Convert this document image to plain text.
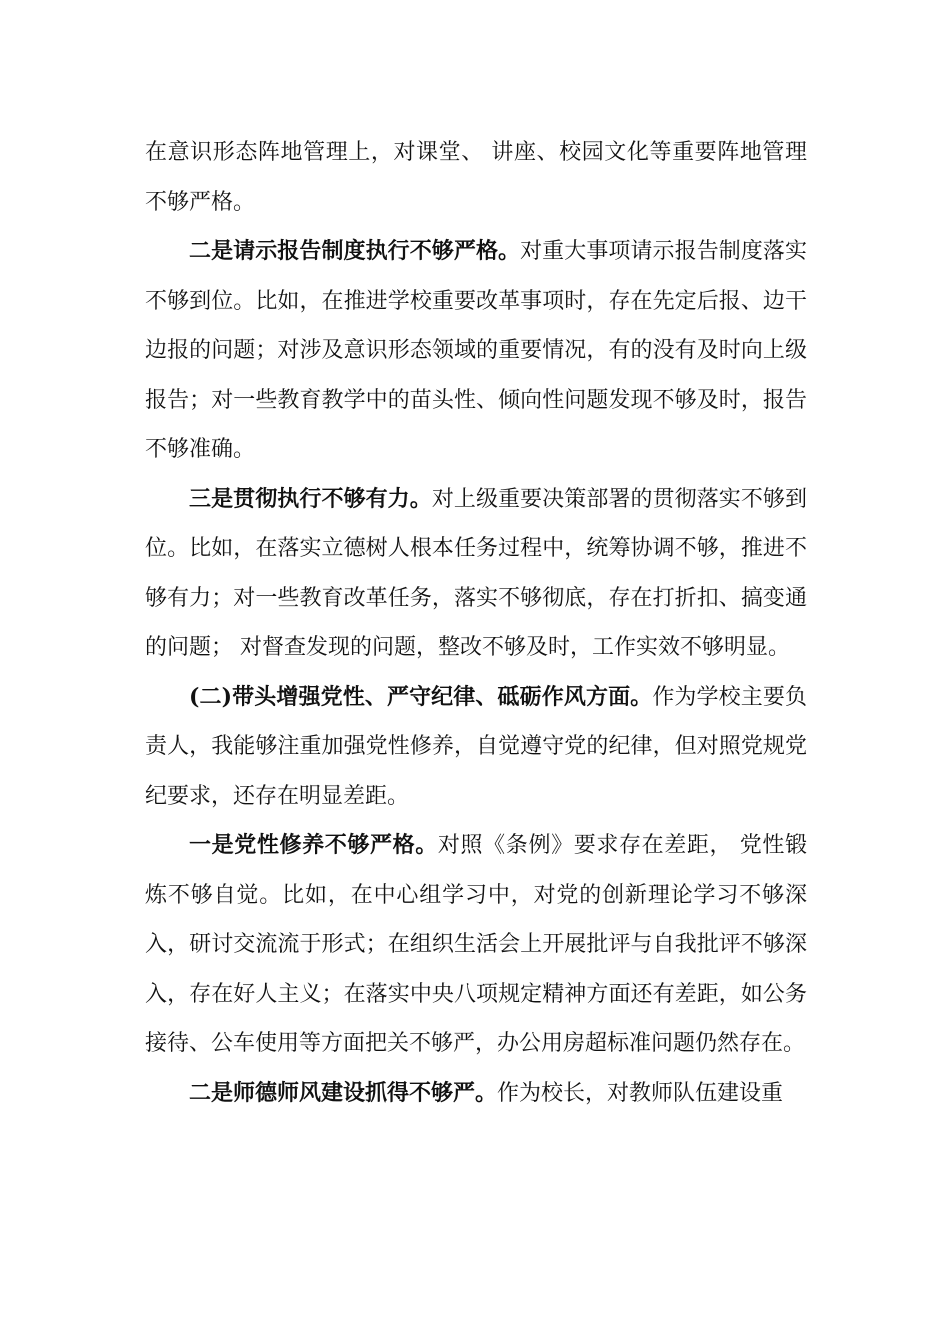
在意识形态阵地管理上，对课堂、 讲座、校园文化等重要阵地管理不够严格。

二是请示报告制度执行不够严格。对重大事项请示报告制度落实不够到位。比如，在推进学校重要改革事项时，存在先定后报、边干边报的问题；对涉及意识形态领域的重要情况，有的没有及时向上级报告；对一些教育教学中的苗头性、倾向性问题发现不够及时，报告不够准确。

三是贯彻执行不够有力。对上级重要决策部署的贯彻落实不够到位。比如，在落实立德树人根本任务过程中，统筹协调不够，推进不够有力；对一些教育改革任务，落实不够彻底，存在打折扣、搞变通的问题； 对督查发现的问题，整改不够及时，工作实效不够明显。

(二)带头增强党性、严守纪律、砥砺作风方面。作为学校主要负责人，我能够注重加强党性修养，自觉遵守党的纪律，但对照党规党纪要求，还存在明显差距。

一是党性修养不够严格。对照《条例》要求存在差距， 党性锻炼不够自觉。比如，在中心组学习中，对党的创新理论学习不够深入，研讨交流流于形式；在组织生活会上开展批评与自我批评不够深入，存在好人主义；在落实中央八项规定精神方面还有差距，如公务接待、公车使用等方面把关不够严，办公用房超标准问题仍然存在。

二是师德师风建设抓得不够严。作为校长，对教师队伍建设重
